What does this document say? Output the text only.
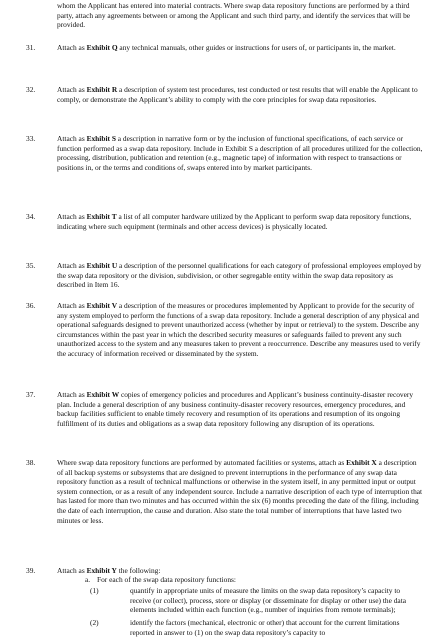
whom the Applicant has entered into material contracts. Where swap data repository functions are performed by a third party, attach any agreements between or among the Applicant and such third party, and identify the services that will be provided.
31.	Attach as Exhibit Q any technical manuals, other guides or instructions for users of, or participants in, the market.
32.	Attach as Exhibit R a description of system test procedures, test conducted or test results that will enable the Applicant to comply, or demonstrate the Applicant’s ability to comply with the core principles for swap data repositories.
33.	Attach as Exhibit S a description in narrative form or by the inclusion of functional specifications, of each service or function performed as a swap data repository. Include in Exhibit S a description of all procedures utilized for the collection, processing, distribution, publication and retention (e.g., magnetic tape) of information with respect to transactions or positions in, or the terms and conditions of, swaps entered into by market participants.
34.	Attach as Exhibit T a list of all computer hardware utilized by the Applicant to perform swap data repository functions, indicating where such equipment (terminals and other access devices) is physically located.
35.	Attach as Exhibit U a description of the personnel qualifications for each category of professional employees employed by the swap data repository or the division, subdivision, or other segregable entity within the swap data repository as described in Item 16.
36.	Attach as Exhibit V a description of the measures or procedures implemented by Applicant to provide for the security of any system employed to perform the functions of a swap data repository. Include a general description of any physical and operational safeguards designed to prevent unauthorized access (whether by input or retrieval) to the system. Describe any circumstances within the past year in which the described security measures or safeguards failed to prevent any such unauthorized access to the system and any measures taken to prevent a reoccurrence. Describe any measures used to verify the accuracy of information received or disseminated by the system.
37.	Attach as Exhibit W copies of emergency policies and procedures and Applicant’s business continuity-disaster recovery plan. Include a general description of any business continuity-disaster recovery resources, emergency procedures, and backup facilities sufficient to enable timely recovery and resumption of its operations and resumption of its ongoing fulfillment of its duties and obligations as a swap data repository following any disruption of its operations.
38.	Where swap data repository functions are performed by automated facilities or systems, attach as Exhibit X a description of all backup systems or subsystems that are designed to prevent interruptions in the performance of any swap data repository function as a result of technical malfunctions or otherwise in the system itself, in any permitted input or output system connection, or as a result of any independent source. Include a narrative description of each type of interruption that has lasted for more than two minutes and has occurred within the six (6) months preceding the date of the filing, including the date of each interruption, the cause and duration. Also state the total number of interruptions that have lasted two minutes or less.
39.	Attach as Exhibit Y the following:
a. For each of the swap data repository functions:
(1)	quantify in appropriate units of measure the limits on the swap data repository’s capacity to receive (or collect), process, store or display (or disseminate for display or other use) the data elements included within each function (e.g., number of inquiries from remote terminals);
(2)	identify the factors (mechanical, electronic or other) that account for the current limitations reported in answer to (1) on the swap data repository’s capacity to
